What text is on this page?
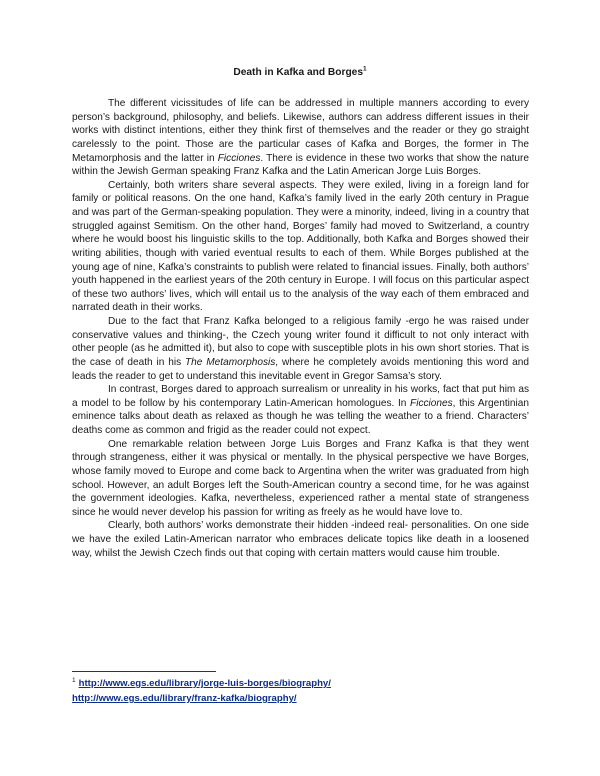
Death in Kafka and Borges$^1$

The different vicissitudes of life can be addressed in multiple manners according to every person’s background, philosophy, and beliefs. Likewise, authors can address different issues in their works with distinct intentions, either they think first of themselves and the reader or they go straight carelessly to the point. Those are the particular cases of Kafka and Borges, the former in The Metamorphosis and the latter in Ficciones. There is evidence in these two works that show the nature within the Jewish German speaking Franz Kafka and the Latin American Jorge Luis Borges.

Certainly, both writers share several aspects. They were exiled, living in a foreign land for family or political reasons. On the one hand, Kafka’s family lived in the early 20th century in Prague and was part of the German-speaking population. They were a minority, indeed, living in a country that struggled against Semitism. On the other hand, Borges’ family had moved to Switzerland, a country where he would boost his linguistic skills to the top. Additionally, both Kafka and Borges showed their writing abilities, though with varied eventual results to each of them. While Borges published at the young age of nine, Kafka’s constraints to publish were related to financial issues. Finally, both authors’ youth happened in the earliest years of the 20th century in Europe. I will focus on this particular aspect of these two authors’ lives, which will entail us to the analysis of the way each of them embraced and narrated death in their works.

Due to the fact that Franz Kafka belonged to a religious family -ergo he was raised under conservative values and thinking-, the Czech young writer found it difficult to not only interact with other people (as he admitted it), but also to cope with susceptible plots in his own short stories. That is the case of death in his The Metamorphosis, where he completely avoids mentioning this word and leads the reader to get to understand this inevitable event in Gregor Samsa’s story.

In contrast, Borges dared to approach surrealism or unreality in his works, fact that put him as a model to be follow by his contemporary Latin-American homologues. In Ficciones, this Argentinian eminence talks about death as relaxed as though he was telling the weather to a friend. Characters’ deaths come as common and frigid as the reader could not expect.

One remarkable relation between Jorge Luis Borges and Franz Kafka is that they went through strangeness, either it was physical or mentally. In the physical perspective we have Borges, whose family moved to Europe and come back to Argentina when the writer was graduated from high school. However, an adult Borges left the South-American country a second time, for he was against the government ideologies. Kafka, nevertheless, experienced rather a mental state of strangeness since he would never develop his passion for writing as freely as he would have love to.

Clearly, both authors’ works demonstrate their hidden -indeed real- personalities. On one side we have the exiled Latin-American narrator who embraces delicate topics like death in a loosened way, whilst the Jewish Czech finds out that coping with certain matters would cause him trouble.

$^1$ http://www.egs.edu/library/jorge-luis-borges/biography/
http://www.egs.edu/library/franz-kafka/biography/
